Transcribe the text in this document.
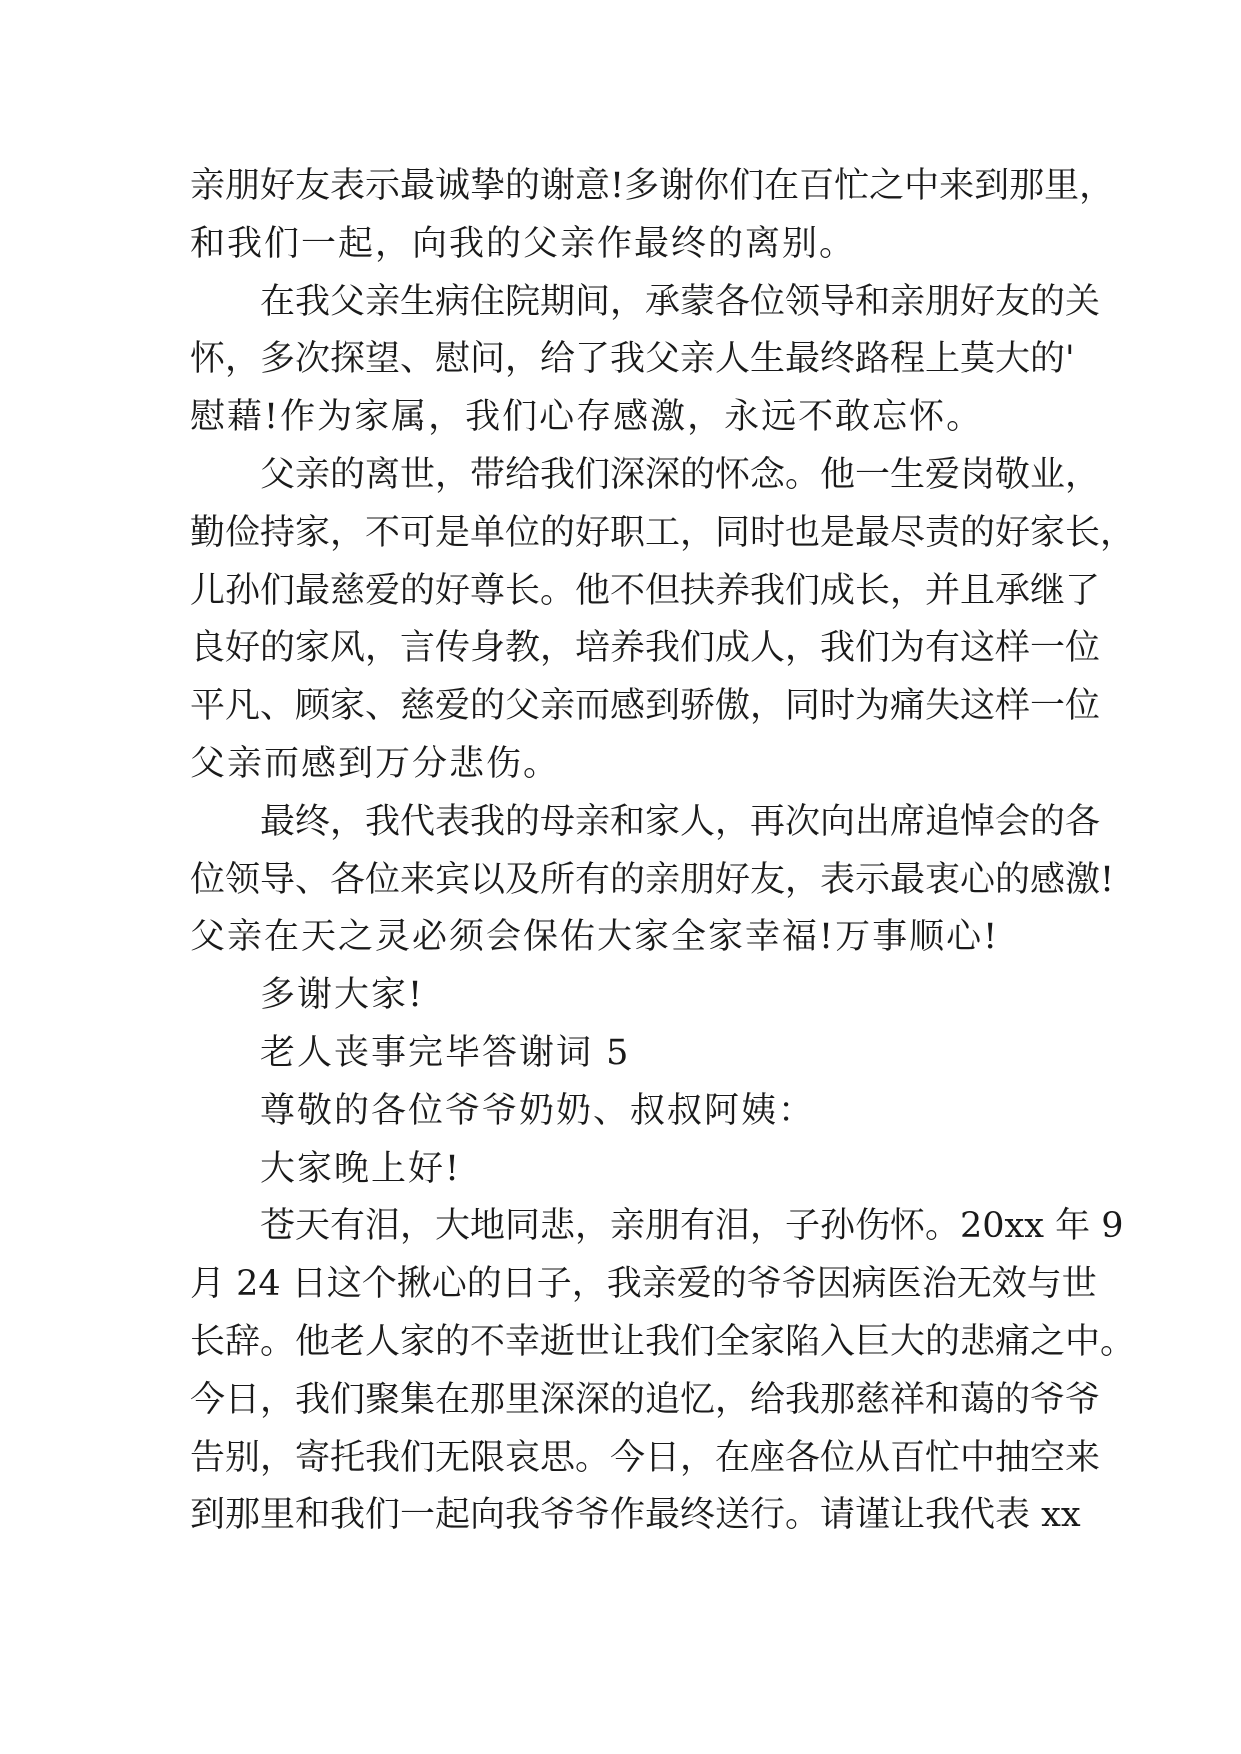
亲朋好友表示最诚挚的谢意!多谢你们在百忙之中来到那里，
和我们一起，向我的父亲作最终的离别。
在我父亲生病住院期间，承蒙各位领导和亲朋好友的关
怀，多次探望、慰问，给了我父亲人生最终路程上莫大的'
慰藉!作为家属，我们心存感激，永远不敢忘怀。
父亲的离世，带给我们深深的怀念。他一生爱岗敬业，
勤俭持家，不可是单位的好职工，同时也是最尽责的好家长，
儿孙们最慈爱的好尊长。他不但扶养我们成长，并且承继了
良好的家风，言传身教，培养我们成人，我们为有这样一位
平凡、顾家、慈爱的父亲而感到骄傲，同时为痛失这样一位
父亲而感到万分悲伤。
最终，我代表我的母亲和家人，再次向出席追悼会的各
位领导、各位来宾以及所有的亲朋好友，表示最衷心的感激!
父亲在天之灵必须会保佑大家全家幸福!万事顺心!
多谢大家!
老人丧事完毕答谢词 5
尊敬的各位爷爷奶奶、叔叔阿姨：
大家晚上好!
苍天有泪，大地同悲，亲朋有泪，子孙伤怀。20xx 年 9
月 24 日这个揪心的日子，我亲爱的爷爷因病医治无效与世
长辞。他老人家的不幸逝世让我们全家陷入巨大的悲痛之中。
今日，我们聚集在那里深深的追忆，给我那慈祥和蔼的爷爷
告别，寄托我们无限哀思。今日，在座各位从百忙中抽空来
到那里和我们一起向我爷爷作最终送行。请谨让我代表 xx
